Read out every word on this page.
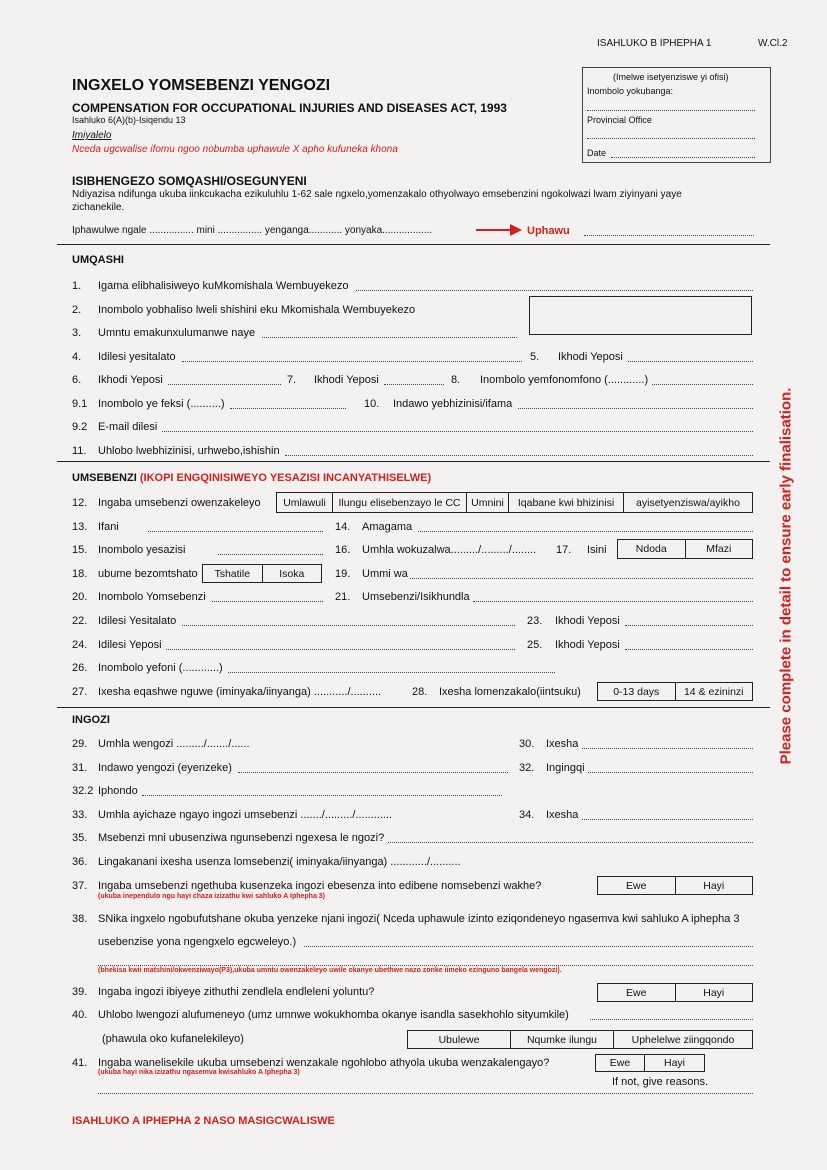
ISAHLUKO B IPHEPHA 1	W.Cl.2
INGXELO YOMSEBENZI YENGOZI
COMPENSATION FOR OCCUPATIONAL INJURIES AND DISEASES ACT, 1993
Isahluko 6(A)(b)-Isiqendu 13
Imiyalelo
Nceda ugcwalise ifomu ngoo nobumba uphawule X apho kufuneka khona
(Imelwe isetyenziswe yi ofisi)
Inombolo yokubanga:
Provincial Office
Date
ISIBHENGEZO SOMQASHI/OSEGUNYENI
Ndiyazisa ndifunga ukuba iinkcukacha ezikuluhlu 1-62 sale ngxelo,yomenzakalo othyolwayo emsebenzini ngokolwazi lwam ziyinyani yaye
zichanekile.
Iphawulwe ngale ................ mini ................ yenganga............ yonyaka..................	Uphawu
Please complete in detail to ensure early finalisation.
UMQASHI
1. Igama elibhalisiweyo kuMkomishala Wembuyekezo
2. Inombolo yobhaliso lweli shishini eku Mkomishala Wembuyekezo
3. Umntu emakunxulumanwe naye
4. Idilesi yesitalato	5. Ikhodi Yeposi
6. Ikhodi Yeposi	7. Ikhodi Yeposi	8. Inombolo yemfonomfono (............)
9.1 Inombolo ye feksi (..........)	10. Indawo yebhizinisi/ifama
9.2 E-mail dilesi
11. Uhlobo lwebhizinisi, urhwebo,ishishin
UMSEBENZI (IKOPI ENGQINISIWEYO YESAZISI INCANYATHISELWE)
12. Ingaba umsebenzi owenzakeleyo	Umlawuli	Ilungu elisebenzayo le CC	Umnini	Iqabane kwi bhizinisi	ayisetyenziswa/ayikho
13. Ifani	14. Amagama
15. Inombolo yesazisi	16. Umhla wokuzalwa........./........./........ 17. Isini	Ndoda	Mfazi
18. ubume bezomtshato	Tshatile	Isoka	19. Ummi wa
20. Inombolo Yomsebenzi	21. Umsebenzi/Isikhundla
22. Idilesi Yesitalato	23. Ikhodi Yeposi
24. Idilesi Yeposi	25. Ikhodi Yeposi
26. Inombolo yefoni (............)
27. Ixesha eqashwe nguwe (iminyaka/iinyanga) .........../..........	28. Ixesha lomenzakalo(iintsuku)	0-13 days	14 & ezininzi
INGOZI
29. Umhla wengozi ........./......./......	30. Ixesha
31. Indawo yengozi (eyenzeke)	32. Ingingqi
32.2 Iphondo
33. Umhla ayichaze ngayo ingozi umsebenzi ......./........./............	34. Ixesha
35. Msebenzi mni ubusenziwa ngunsebenzi ngexesa le ngozi?
36. Lingakanani ixesha usenza lomsebenzi( iminyaka/iinyanga) ............/..........
37. Ingaba umsebenzi ngethuba kusenzeka ingozi ebesenza into edibene nomsebenzi wakhe?
(ukuba inependulo ngu hayi chaza izizathu kwi sahluko A Iphepha 3)
Ewe	Hayi
38. SNika ingxelo ngobufutshane okuba yenzeke njani ingozi( Nceda uphawule izinto eziqondeneyo ngasemva kwi sahluko A iphepha 3
usebenzise yona ngengxelo egcweleyo.)
(bhekisa kwii matshini/okwenziwayo(P3),ukuba umntu owenzakeleyo uwile okanye ubethwe nazo zonke iimeko ezinguno bangela wengozi).
39. Ingaba ingozi ibiyeye zithuthi zendlela endleleni yoluntu?	Ewe	Hayi
40. Uhlobo lwengozi alufumeneyo (umz umnwe wokukhomba okanye isandla sasekhohlo sityumkile)
(phawula oko kufanelekileyo)	Ubulewe	Nqumke ilungu	Uphelelwe ziingqondo
41. Ingaba wanelisekile ukuba umsebenzi wenzakale ngohlobo athyola ukuba wenzakalengayo?
(ukuba hayi nika izizathu ngasemva kwisahluko A Iphepha 3)
Ewe	Hayi
If not, give reasons.
ISAHLUKO A IPHEPHA 2 NASO MASIGCWALISWE
